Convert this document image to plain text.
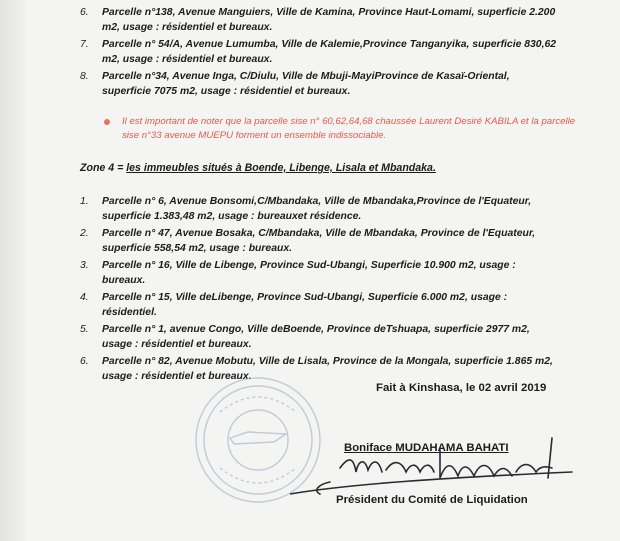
6. Parcelle n°138, Avenue Manguiers, Ville de Kamina, Province Haut-Lomami, superficie 2.200 m2, usage : résidentiel et bureaux.
7. Parcelle n° 54/A, Avenue Lumumba, Ville de Kalemie,Province Tanganyika, superficie 830,62 m2, usage : résidentiel et bureaux.
8. Parcelle n°34, Avenue Inga, C/Diulu, Ville de Mbuji-MayiProvince de Kasaï-Oriental, superficie 7075 m2, usage : résidentiel et bureaux.
Il est important de noter que la parcelle sise n° 60,62,64,68 chaussée Laurent Desiré KABILA et la parcelle sise n°33 avenue MUEPU forment un ensemble indissociable.
Zone 4 = les immeubles situés à Boende, Libenge, Lisala et Mbandaka.
1. Parcelle n° 6, Avenue Bonsomi,C/Mbandaka, Ville de Mbandaka,Province de l'Equateur, superficie 1.383,48 m2, usage : bureauxet résidence.
2. Parcelle n° 47, Avenue Bosaka, C/Mbandaka, Ville de Mbandaka, Province de l'Equateur, superficie 558,54 m2, usage : bureaux.
3. Parcelle n° 16, Ville de Libenge, Province Sud-Ubangi, Superficie 10.900 m2, usage : bureaux.
4. Parcelle n° 15, Ville deLibenge, Province Sud-Ubangi, Superficie 6.000 m2, usage : résidentiel.
5. Parcelle n° 1, avenue Congo, Ville deBoende, Province deTshuapa, superficie 2977 m2, usage : résidentiel et bureaux.
6. Parcelle n° 82, Avenue Mobutu, Ville de Lisala, Province de la Mongala, superficie 1.865 m2, usage : résidentiel et bureaux.
Fait à Kinshasa, le 02 avril 2019
Boniface MUDAHAMA BAHATI
Président du Comité de Liquidation
